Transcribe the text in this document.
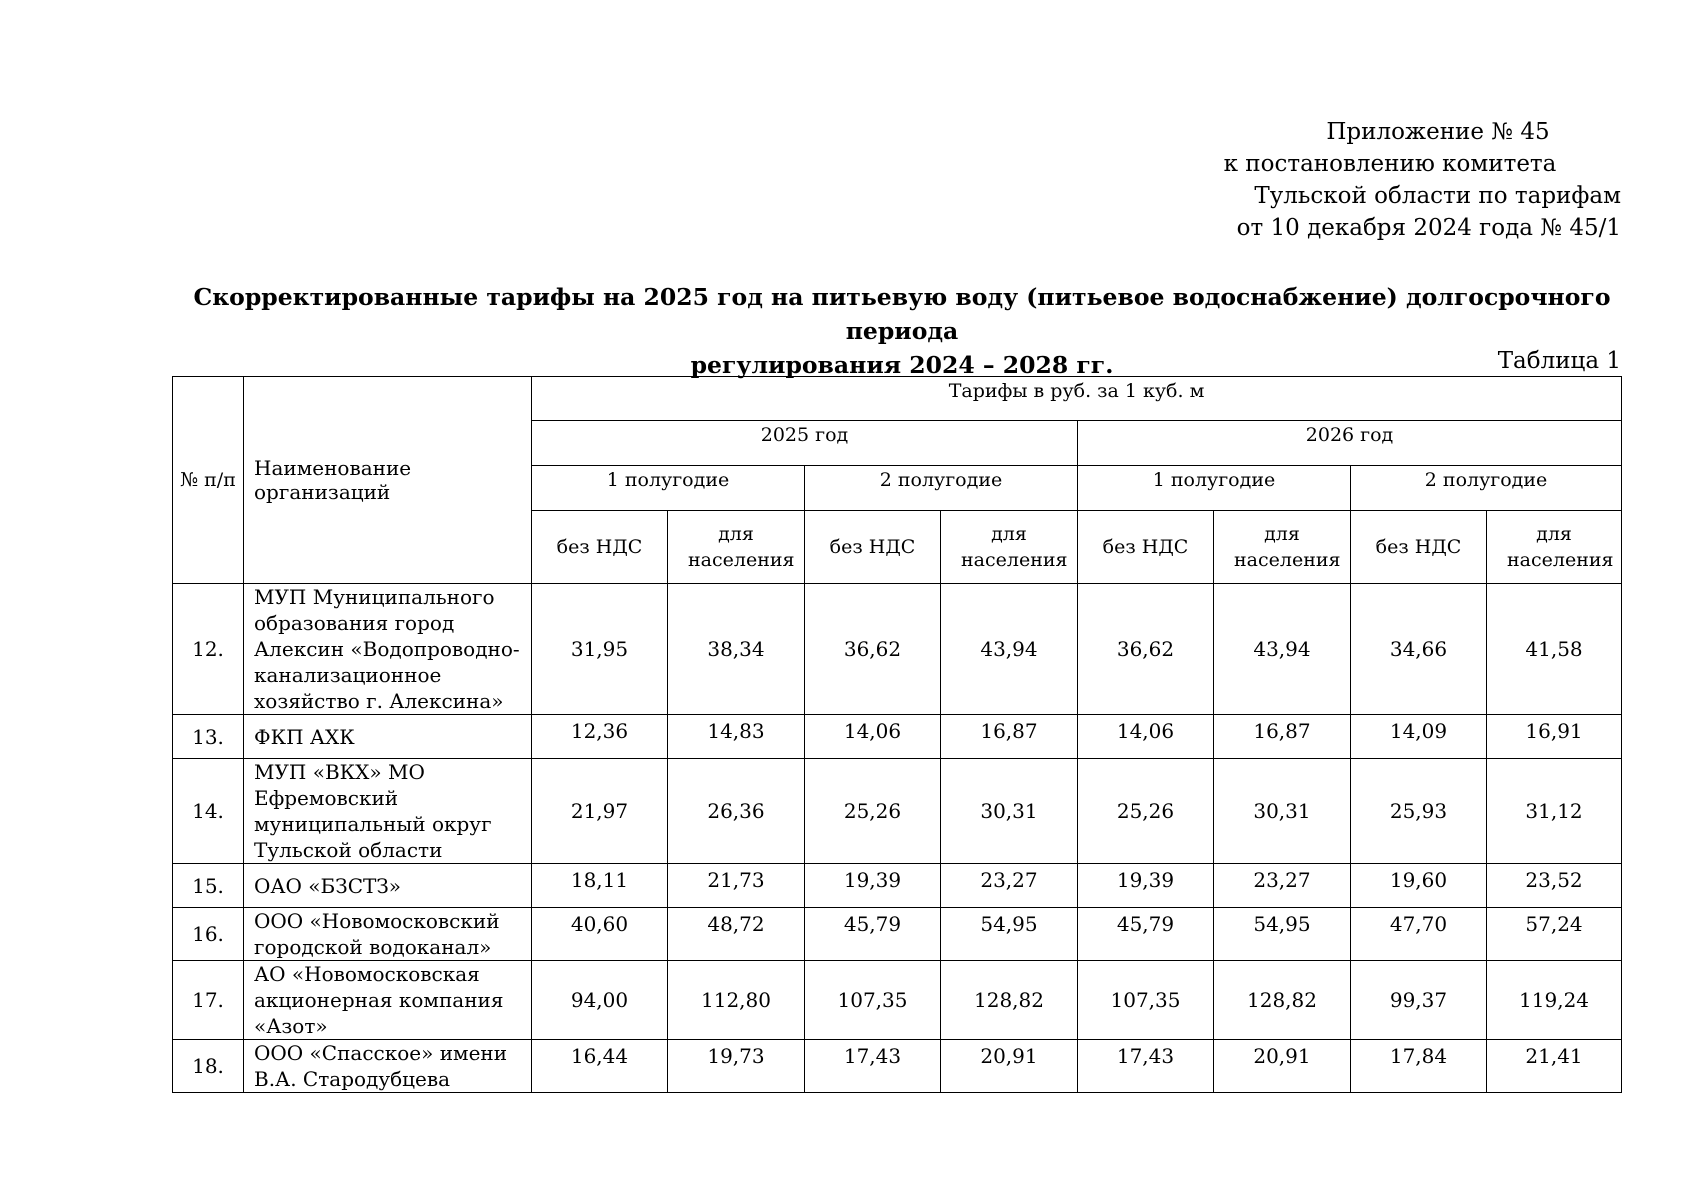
Приложение № 45
к постановлению комитета
Тульской области по тарифам
от 10 декабря 2024 года № 45/1
Скорректированные тарифы на 2025 год на питьевую воду (питьевое водоснабжение) долгосрочного периода
регулирования 2024 – 2028 гг.	Таблица 1
№ п/п	Наименование организаций	Тарифы в руб. за 1 куб. м							
		2025 год				2026 год			
		1 полугодие		2 полугодие		1 полугодие		2 полугодие	
		без НДС	для населения	без НДС	для населения	без НДС	для населения	без НДС	для населения
12.	МУП Муниципального образования город Алексин «Водопроводно-канализационное хозяйство г. Алексина»	31,95	38,34	36,62	43,94	36,62	43,94	34,66	41,58
13.	ФКП АХК	12,36	14,83	14,06	16,87	14,06	16,87	14,09	16,91
14.	МУП «ВКХ» МО Ефремовский муниципальный округ Тульской области	21,97	26,36	25,26	30,31	25,26	30,31	25,93	31,12
15.	ОАО «БЗСТЗ»	18,11	21,73	19,39	23,27	19,39	23,27	19,60	23,52
16.	ООО «Новомосковский городской водоканал»	40,60	48,72	45,79	54,95	45,79	54,95	47,70	57,24
17.	АО «Новомосковская акционерная компания «Азот»	94,00	112,80	107,35	128,82	107,35	128,82	99,37	119,24
18.	ООО «Спасское» имени В.А. Стародубцева	16,44	19,73	17,43	20,91	17,43	20,91	17,84	21,41
